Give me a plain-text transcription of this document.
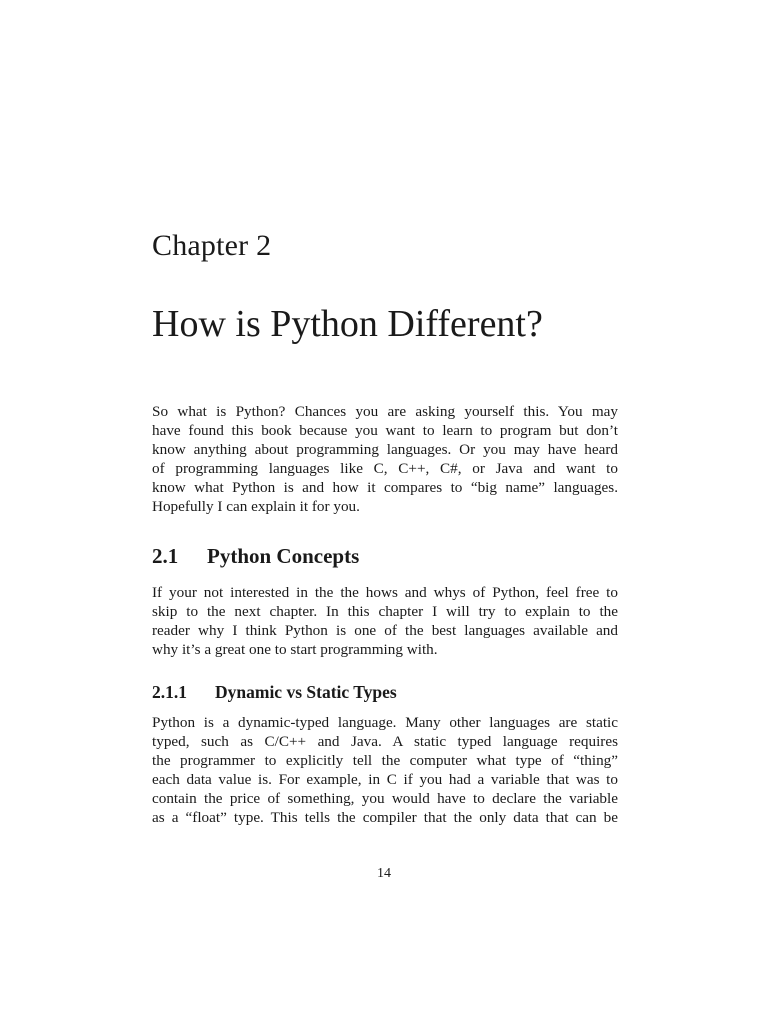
Chapter 2
How is Python Different?

So what is Python? Chances you are asking yourself this. You may
have found this book because you want to learn to program but don’t
know anything about programming languages. Or you may have heard
of programming languages like C, C++, C#, or Java and want to
know what Python is and how it compares to “big name” languages.
Hopefully I can explain it for you.

2.1 Python Concepts

If your not interested in the the hows and whys of Python, feel free to
skip to the next chapter. In this chapter I will try to explain to the
reader why I think Python is one of the best languages available and
why it’s a great one to start programming with.

2.1.1 Dynamic vs Static Types

Python is a dynamic-typed language. Many other languages are static
typed, such as C/C++ and Java. A static typed language requires
the programmer to explicitly tell the computer what type of “thing”
each data value is. For example, in C if you had a variable that was to
contain the price of something, you would have to declare the variable
as a “float” type. This tells the compiler that the only data that can be

14
